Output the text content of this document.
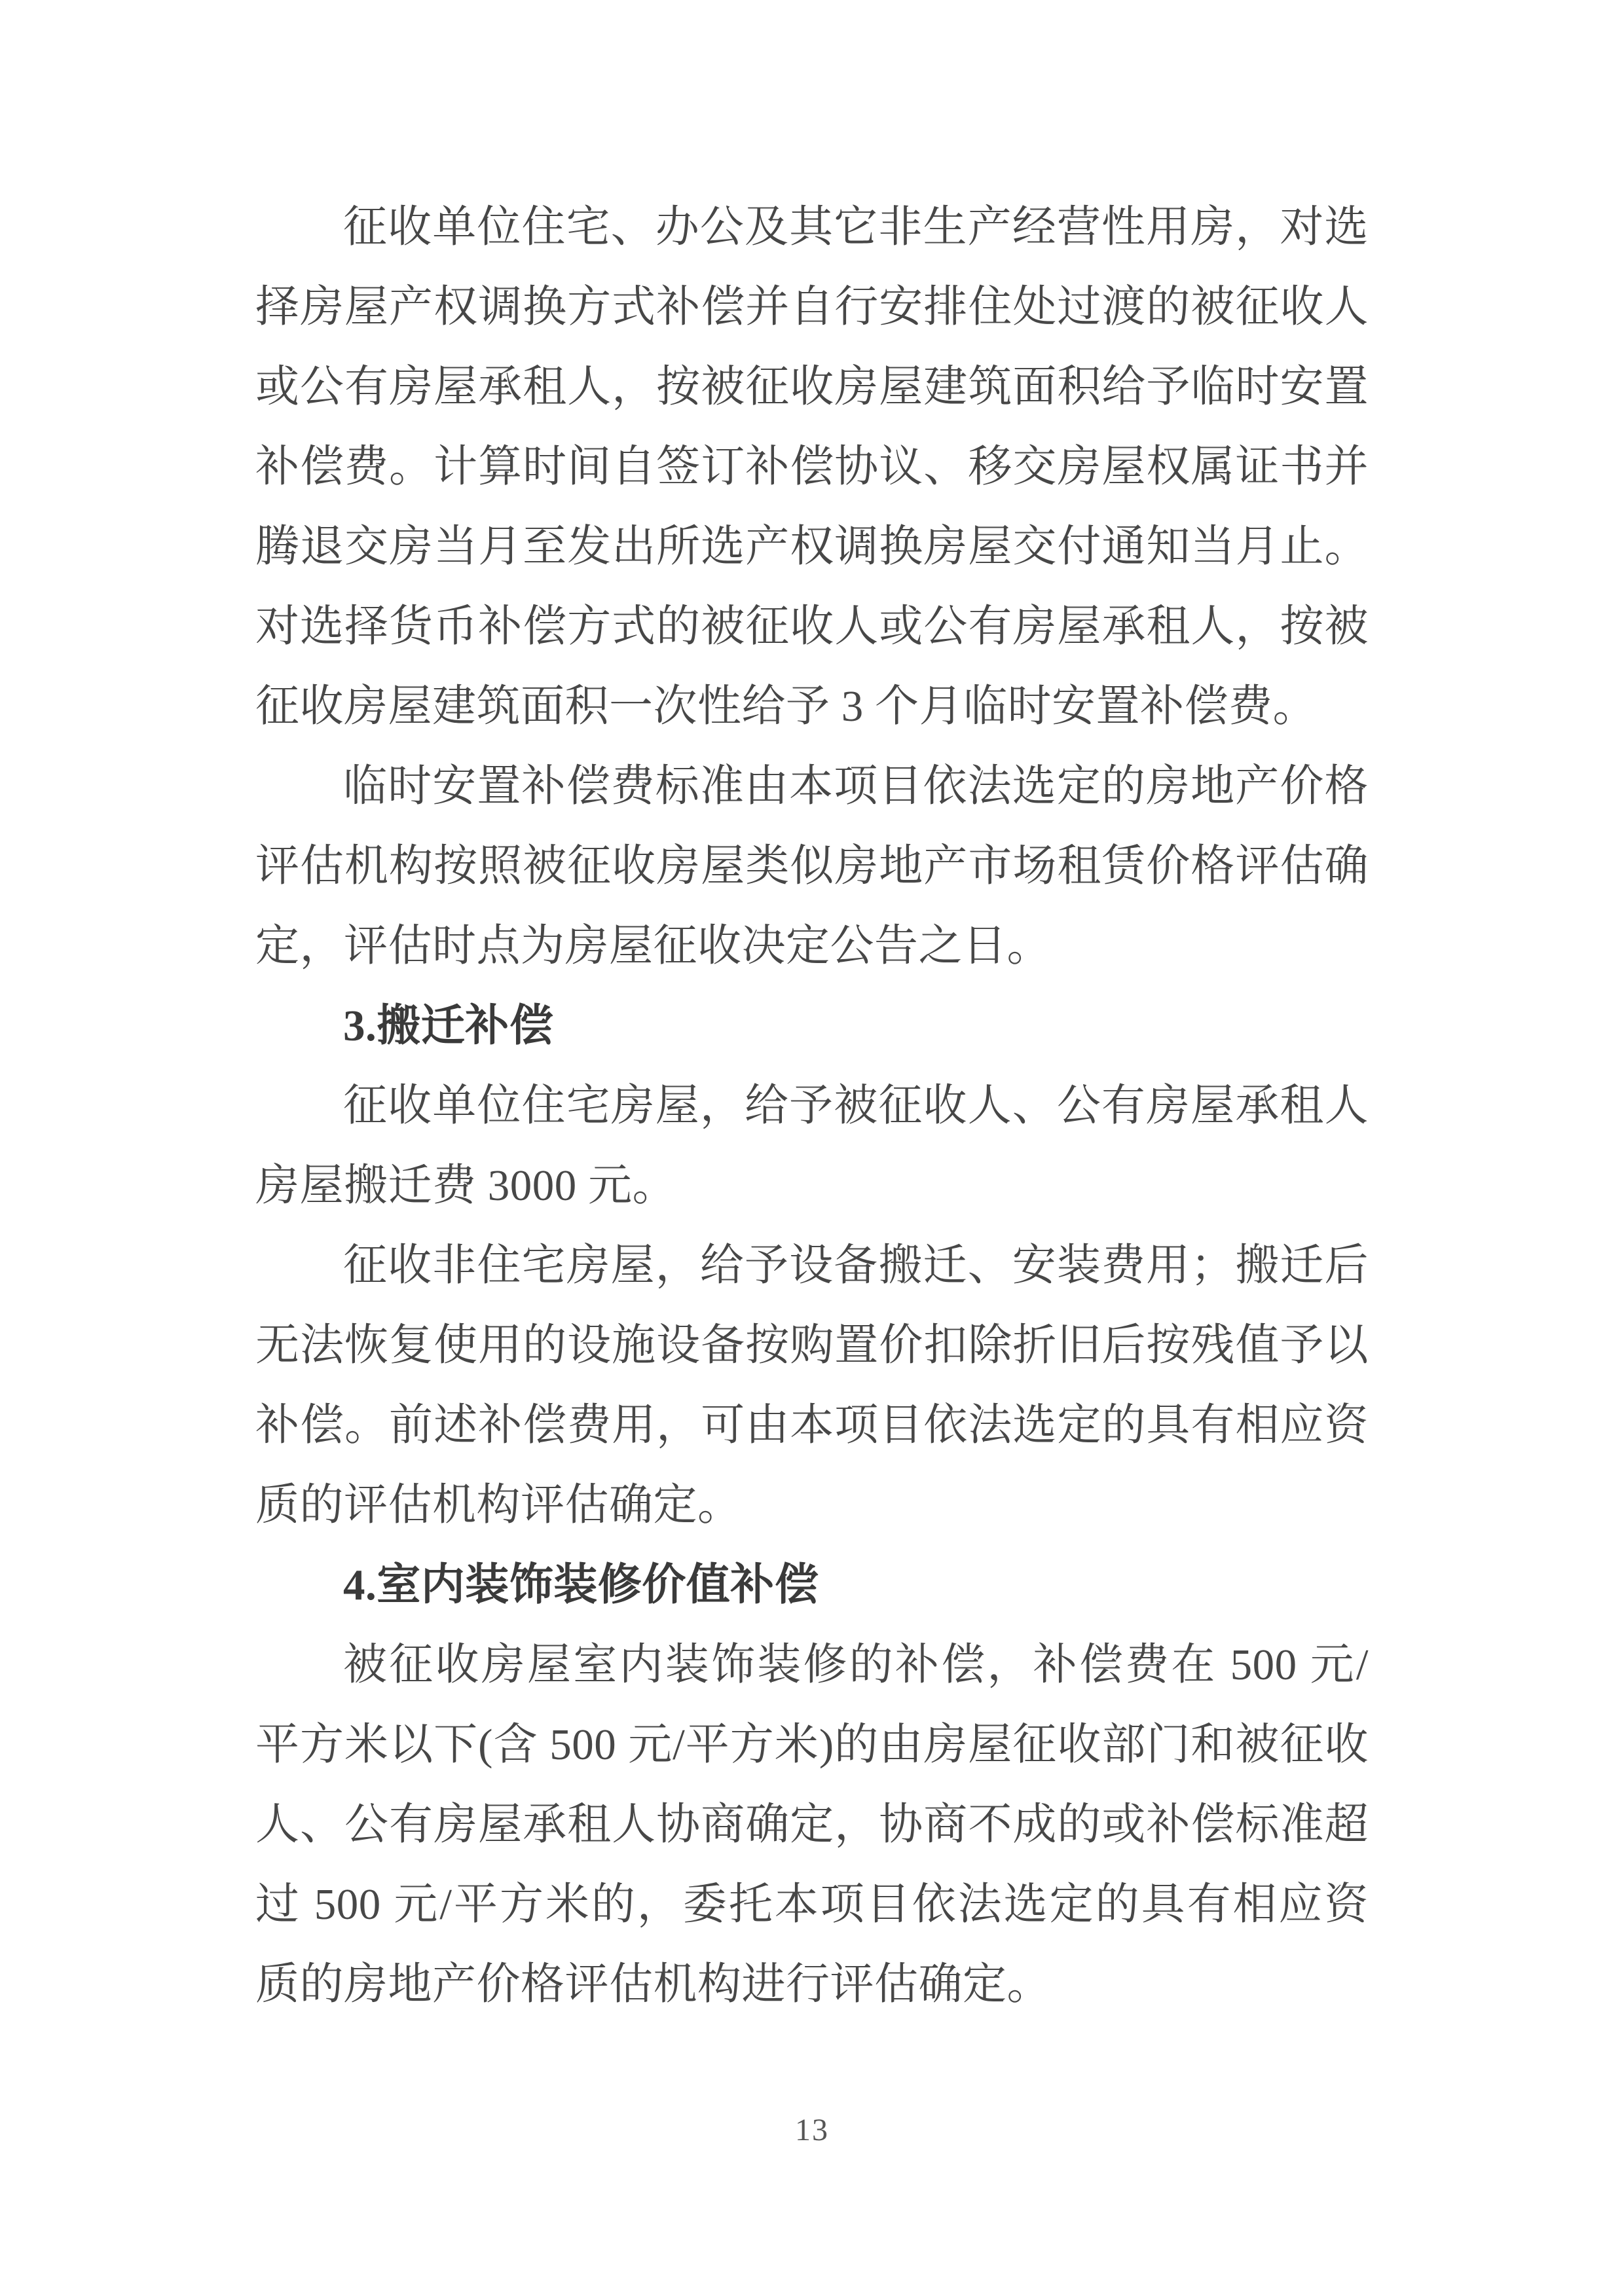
征收单位住宅、办公及其它非生产经营性用房，对选择房屋产权调换方式补偿并自行安排住处过渡的被征收人或公有房屋承租人，按被征收房屋建筑面积给予临时安置补偿费。计算时间自签订补偿协议、移交房屋权属证书并腾退交房当月至发出所选产权调换房屋交付通知当月止。对选择货币补偿方式的被征收人或公有房屋承租人，按被征收房屋建筑面积一次性给予 3 个月临时安置补偿费。

临时安置补偿费标准由本项目依法选定的房地产价格评估机构按照被征收房屋类似房地产市场租赁价格评估确定，评估时点为房屋征收决定公告之日。

3.搬迁补偿

征收单位住宅房屋，给予被征收人、公有房屋承租人房屋搬迁费 3000 元。

征收非住宅房屋，给予设备搬迁、安装费用；搬迁后无法恢复使用的设施设备按购置价扣除折旧后按残值予以补偿。前述补偿费用，可由本项目依法选定的具有相应资质的评估机构评估确定。

4.室内装饰装修价值补偿

被征收房屋室内装饰装修的补偿，补偿费在 500 元/平方米以下(含 500 元/平方米)的由房屋征收部门和被征收人、公有房屋承租人协商确定，协商不成的或补偿标准超过 500 元/平方米的，委托本项目依法选定的具有相应资质的房地产价格评估机构进行评估确定。

13
